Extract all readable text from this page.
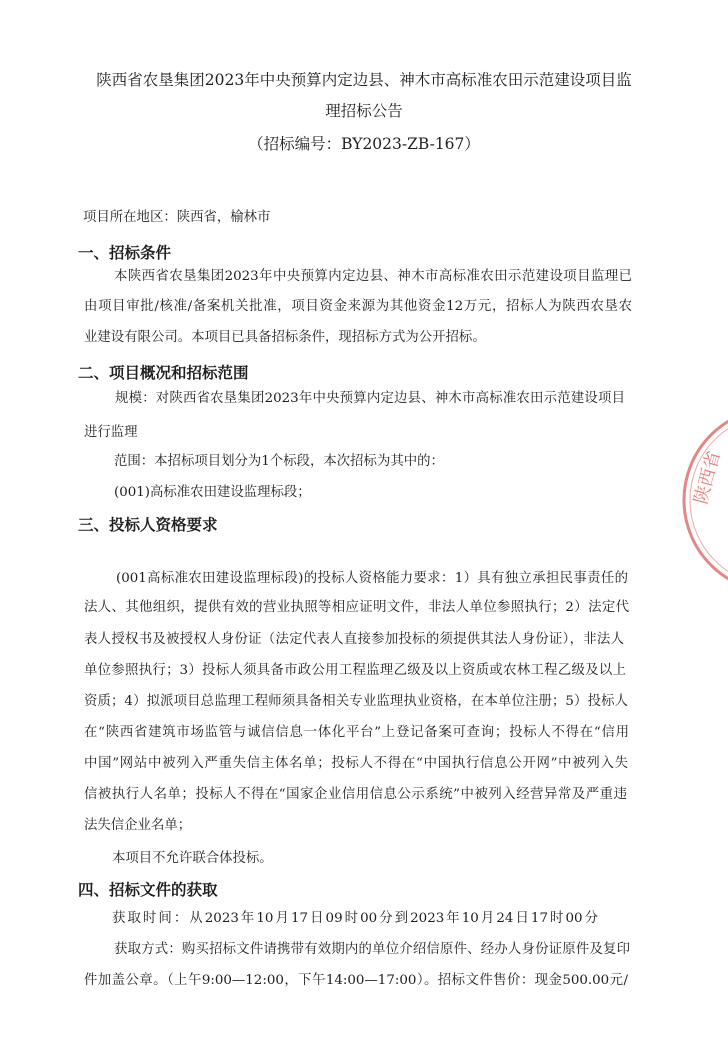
陕西省农垦集团2023年中央预算内定边县、神木市高标准农田示范建设项目监
理招标公告
（招标编号：BY2023-ZB-167）
项目所在地区：陕西省，榆林市
一、招标条件
本陕西省农垦集团2023年中央预算内定边县、神木市高标准农田示范建设项目监理已
由项目审批/核准/备案机关批准，项目资金来源为其他资金12万元，招标人为陕西农垦农
业建设有限公司。本项目已具备招标条件，现招标方式为公开招标。
二、项目概况和招标范围
规模：对陕西省农垦集团2023年中央预算内定边县、神木市高标准农田示范建设项目
进行监理
范围：本招标项目划分为1个标段，本次招标为其中的：
(001)高标准农田建设监理标段；
三、投标人资格要求
(001高标准农田建设监理标段)的投标人资格能力要求：1）具有独立承担民事责任的
法人、其他组织，提供有效的营业执照等相应证明文件，非法人单位参照执行；2）法定代
表人授权书及被授权人身份证（法定代表人直接参加投标的须提供其法人身份证），非法人
单位参照执行；3）投标人须具备市政公用工程监理乙级及以上资质或农林工程乙级及以上
资质；4）拟派项目总监理工程师须具备相关专业监理执业资格，在本单位注册；5）投标人
在“陕西省建筑市场监管与诚信信息一体化平台”上登记备案可查询；投标人不得在“信用
中国”网站中被列入严重失信主体名单；投标人不得在“中国执行信息公开网”中被列入失
信被执行人名单；投标人不得在“国家企业信用信息公示系统”中被列入经营异常及严重违
法失信企业名单；
本项目不允许联合体投标。
四、招标文件的获取
获取时间：从2023年10月17日09时00分到2023年10月24日17时00分
获取方式：购买招标文件请携带有效期内的单位介绍信原件、经办人身份证原件及复印
件加盖公章。（上午9:00—12:00，下午14:00—17:00）。招标文件售价：现金500.00元/
陕西省
